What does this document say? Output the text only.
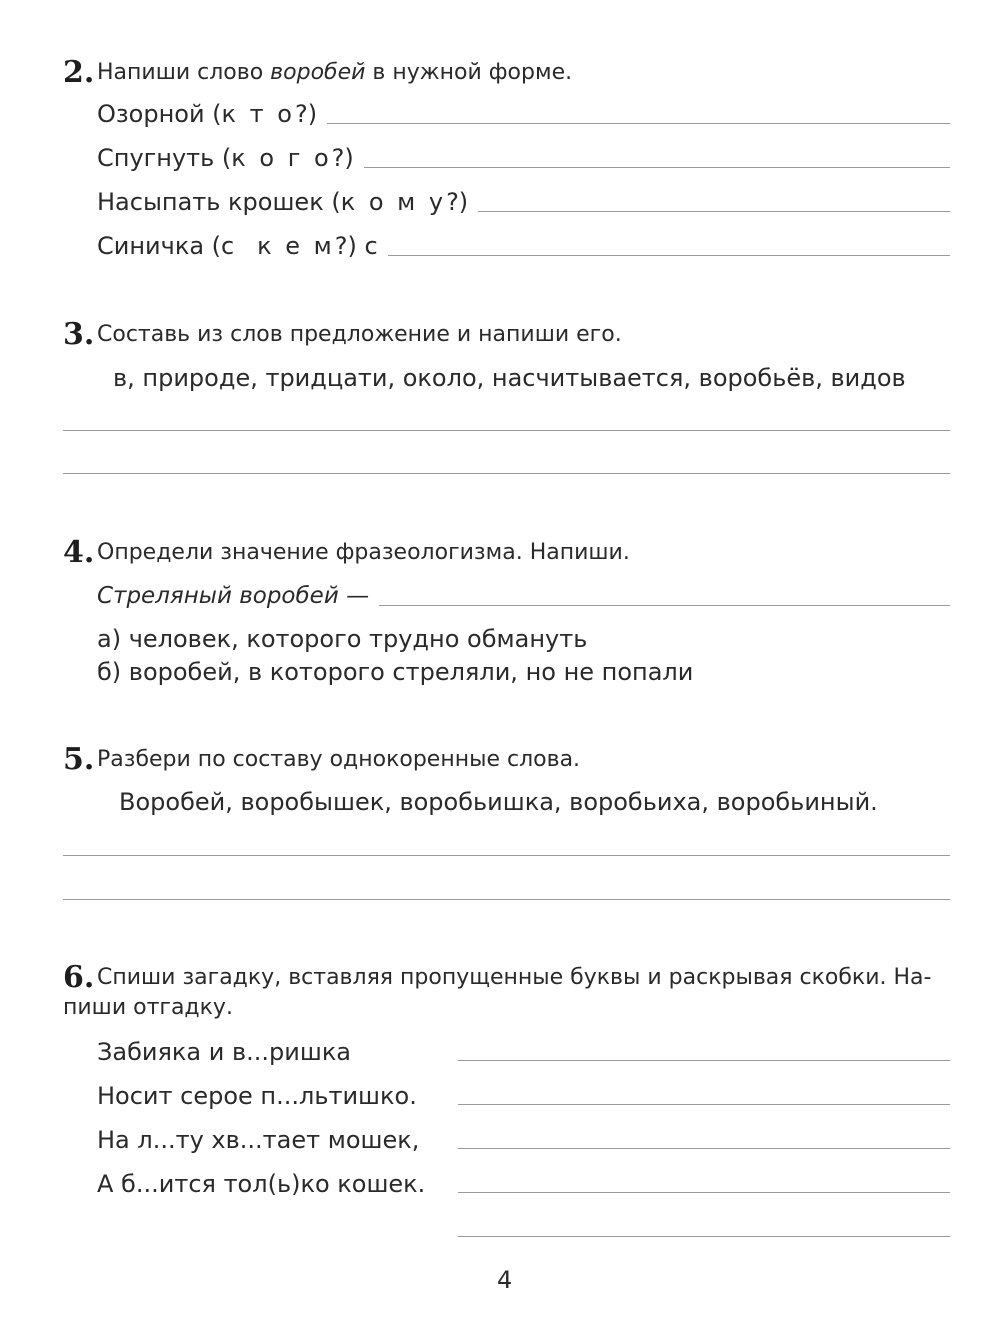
2. Напиши слово воробей в нужной форме.
Озорной (к т о?)
Спугнуть (к о г о?)
Насыпать крошек (к о м у?)
Синичка (с   к е м?) с
3. Составь из слов предложение и напиши его.
в, природе, тридцати, около, насчитывается, воробьёв, видов
4. Определи значение фразеологизма. Напиши.
Стреляный воробей —
а) человек, которого трудно обмануть
б) воробей, в которого стреляли, но не попали
5. Разбери по составу однокоренные слова.
Воробей, воробышек, воробьишка, воробьиха, воробьиный.
6. Спиши загадку, вставляя пропущенные буквы и раскрывая скобки. На-
пиши отгадку.
Забияка и в...ришка
Носит серое п...льтишко.
На л...ту хв...тает мошек,
А б...ится тол(ь)ко кошек.
4
